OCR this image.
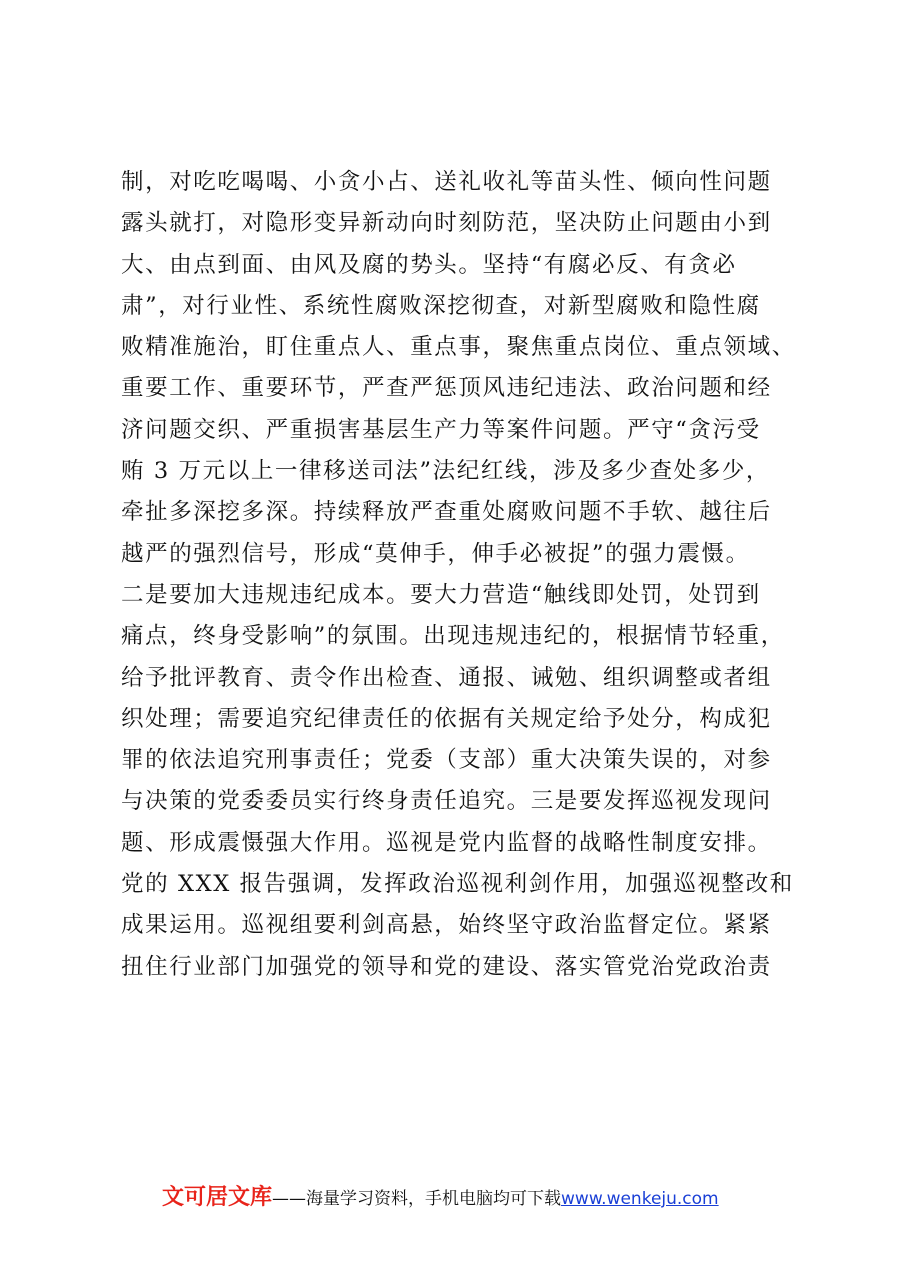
制，对吃吃喝喝、小贪小占、送礼收礼等苗头性、倾向性问题
露头就打，对隐形变异新动向时刻防范，坚决防止问题由小到
大、由点到面、由风及腐的势头。坚持“有腐必反、有贪必
肃”，对行业性、系统性腐败深挖彻查，对新型腐败和隐性腐
败精准施治，盯住重点人、重点事，聚焦重点岗位、重点领域、
重要工作、重要环节，严查严惩顶风违纪违法、政治问题和经
济问题交织、严重损害基层生产力等案件问题。严守“贪污受
贿 3 万元以上一律移送司法”法纪红线，涉及多少查处多少，
牵扯多深挖多深。持续释放严查重处腐败问题不手软、越往后
越严的强烈信号，形成“莫伸手，伸手必被捉”的强力震慑。
二是要加大违规违纪成本。要大力营造“触线即处罚，处罚到
痛点，终身受影响”的氛围。出现违规违纪的，根据情节轻重，
给予批评教育、责令作出检查、通报、诫勉、组织调整或者组
织处理；需要追究纪律责任的依据有关规定给予处分，构成犯
罪的依法追究刑事责任；党委（支部）重大决策失误的，对参
与决策的党委委员实行终身责任追究。三是要发挥巡视发现问
题、形成震慑强大作用。巡视是党内监督的战略性制度安排。
党的 XXX 报告强调，发挥政治巡视利剑作用，加强巡视整改和
成果运用。巡视组要利剑高悬，始终坚守政治监督定位。紧紧
扭住行业部门加强党的领导和党的建设、落实管党治党政治责
文可居文库——海量学习资料，手机电脑均可下载www.wenkeju.com
